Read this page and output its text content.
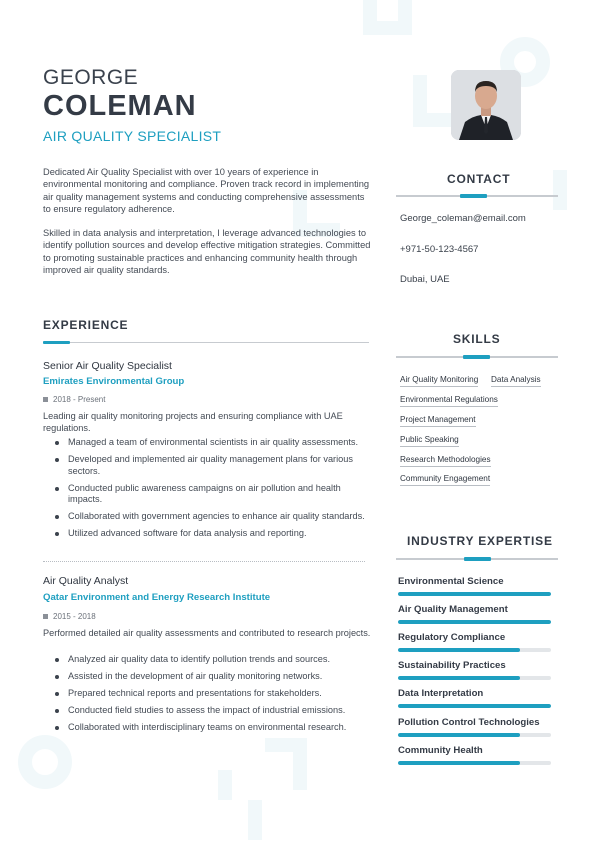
GEORGE
COLEMAN
AIR QUALITY SPECIALIST

Dedicated Air Quality Specialist with over 10 years of experience in environmental monitoring and compliance. Proven track record in implementing air quality management systems and conducting comprehensive assessments to ensure regulatory adherence.

Skilled in data analysis and interpretation, I leverage advanced technologies to identify pollution sources and develop effective mitigation strategies. Committed to promoting sustainable practices and enhancing community health through improved air quality standards.

CONTACT
George_coleman@email.com
+971-50-123-4567
Dubai, UAE
EXPERIENCE
Senior Air Quality Specialist
Emirates Environmental Group
2018 - Present
Leading air quality monitoring projects and ensuring compliance with UAE regulations.
Managed a team of environmental scientists in air quality assessments.
Developed and implemented air quality management plans for various sectors.
Conducted public awareness campaigns on air pollution and health impacts.
Collaborated with government agencies to enhance air quality standards.
Utilized advanced software for data analysis and reporting.
Air Quality Analyst
Qatar Environment and Energy Research Institute
2015 - 2018
Performed detailed air quality assessments and contributed to research projects.
Analyzed air quality data to identify pollution trends and sources.
Assisted in the development of air quality monitoring networks.
Prepared technical reports and presentations for stakeholders.
Conducted field studies to assess the impact of industrial emissions.
Collaborated with interdisciplinary teams on environmental research.
SKILLS
Air Quality Monitoring Data Analysis
Environmental Regulations
Project Management
Public Speaking
Research Methodologies
Community Engagement
INDUSTRY EXPERTISE
Environmental Science
Air Quality Management
Regulatory Compliance
Sustainability Practices
Data Interpretation
Pollution Control Technologies
Community Health
